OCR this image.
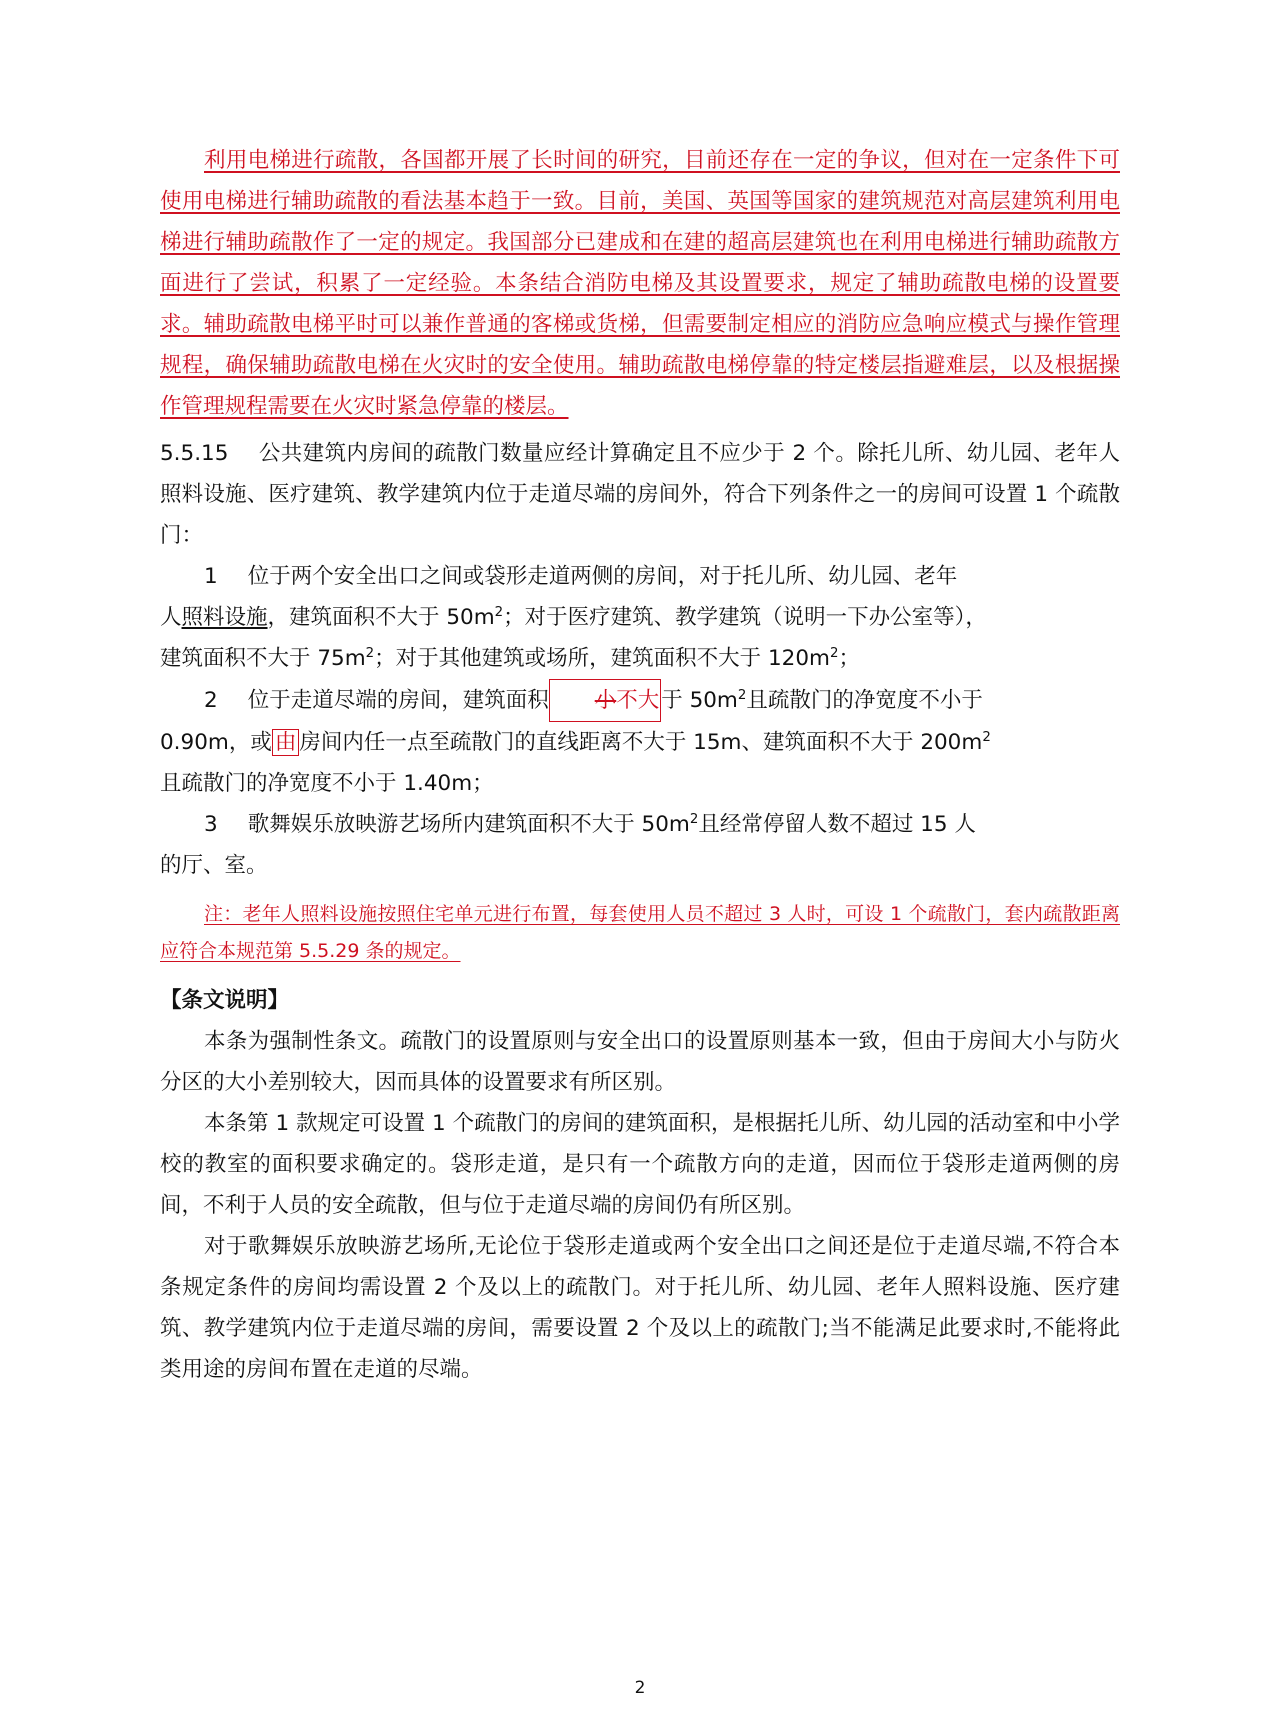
利用电梯进行疏散，各国都开展了长时间的研究，目前还存在一定的争议，但对在一定条件下可使用电梯进行辅助疏散的看法基本趋于一致。目前，美国、英国等国家的建筑规范对高层建筑利用电梯进行辅助疏散作了一定的规定。我国部分已建成和在建的超高层建筑也在利用电梯进行辅助疏散方面进行了尝试，积累了一定经验。本条结合消防电梯及其设置要求，规定了辅助疏散电梯的设置要求。辅助疏散电梯平时可以兼作普通的客梯或货梯，但需要制定相应的消防应急响应模式与操作管理规程，确保辅助疏散电梯在火灾时的安全使用。辅助疏散电梯停靠的特定楼层指避难层，以及根据操作管理规程需要在火灾时紧急停靠的楼层。

5.5.15 公共建筑内房间的疏散门数量应经计算确定且不应少于 2 个。除托儿所、幼儿园、老年人照料设施、医疗建筑、教学建筑内位于走道尽端的房间外，符合下列条件之一的房间可设置 1 个疏散门：

1 位于两个安全出口之间或袋形走道两侧的房间，对于托儿所、幼儿园、老年

人照料设施，建筑面积不大于 $50m^2$；对于医疗建筑、教学建筑（说明一下办公室等），

建筑面积不大于 $75m^2$；对于其他建筑或场所，建筑面积不大于 $120m^2$；

2 位于走道尽端的房间，建筑面积 小不大于 $50m^2$且疏散门的净宽度不小于

0.90m，或 由 房间内任一点至疏散门的直线距离不大于 15m、建筑面积不大于 $200m^2$

且疏散门的净宽度不小于 1.40m；

3 歌舞娱乐放映游艺场所内建筑面积不大于 $50m^2$且经常停留人数不超过 15 人

的厅、室。

注：老年人照料设施按照住宅单元进行布置，每套使用人员不超过 3 人时，可设 1 个疏散门，套内疏散距离应符合本规范第 5.5.29 条的规定。

【条文说明】

本条为强制性条文。疏散门的设置原则与安全出口的设置原则基本一致，但由于房间大小与防火分区的大小差别较大，因而具体的设置要求有所区别。

本条第 1 款规定可设置 1 个疏散门的房间的建筑面积，是根据托儿所、幼儿园的活动室和中小学校的教室的面积要求确定的。袋形走道，是只有一个疏散方向的走道，因而位于袋形走道两侧的房间，不利于人员的安全疏散，但与位于走道尽端的房间仍有所区别。

对于歌舞娱乐放映游艺场所,无论位于袋形走道或两个安全出口之间还是位于走道尽端,不符合本条规定条件的房间均需设置 2 个及以上的疏散门。对于托儿所、幼儿园、老年人照料设施、医疗建筑、教学建筑内位于走道尽端的房间，需要设置 2 个及以上的疏散门;当不能满足此要求时,不能将此类用途的房间布置在走道的尽端。

2
